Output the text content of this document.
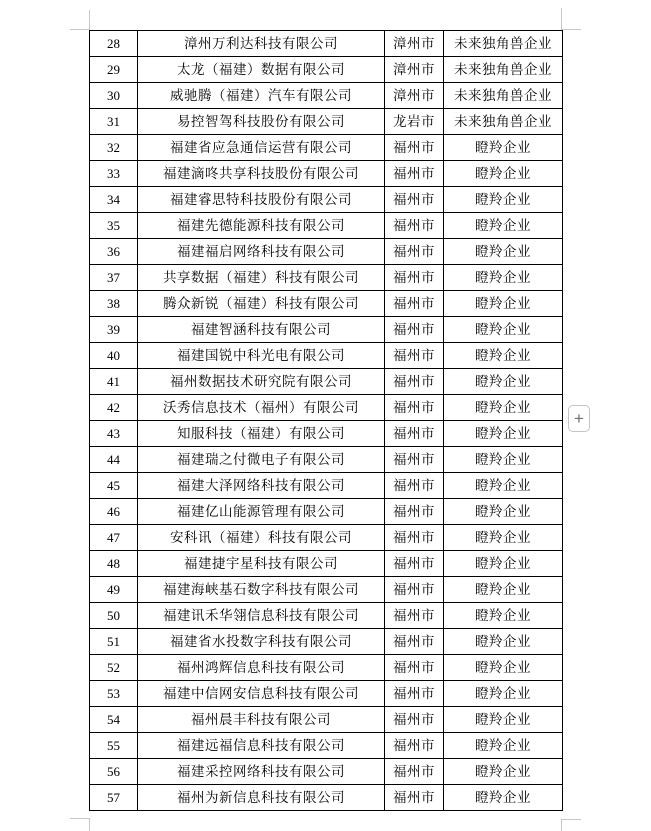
28	漳州万利达科技有限公司	漳州市	未来独角兽企业
29	太龙（福建）数据有限公司	漳州市	未来独角兽企业
30	威驰腾（福建）汽车有限公司	漳州市	未来独角兽企业
31	易控智驾科技股份有限公司	龙岩市	未来独角兽企业
32	福建省应急通信运营有限公司	福州市	瞪羚企业
33	福建滴咚共享科技股份有限公司	福州市	瞪羚企业
34	福建睿思特科技股份有限公司	福州市	瞪羚企业
35	福建先德能源科技有限公司	福州市	瞪羚企业
36	福建福启网络科技有限公司	福州市	瞪羚企业
37	共享数据（福建）科技有限公司	福州市	瞪羚企业
38	腾众新锐（福建）科技有限公司	福州市	瞪羚企业
39	福建智涵科技有限公司	福州市	瞪羚企业
40	福建国锐中科光电有限公司	福州市	瞪羚企业
41	福州数据技术研究院有限公司	福州市	瞪羚企业
42	沃秀信息技术（福州）有限公司	福州市	瞪羚企业
43	知服科技（福建）有限公司	福州市	瞪羚企业
44	福建瑞之付微电子有限公司	福州市	瞪羚企业
45	福建大泽网络科技有限公司	福州市	瞪羚企业
46	福建亿山能源管理有限公司	福州市	瞪羚企业
47	安科讯（福建）科技有限公司	福州市	瞪羚企业
48	福建捷宇星科技有限公司	福州市	瞪羚企业
49	福建海峡基石数字科技有限公司	福州市	瞪羚企业
50	福建讯禾华翎信息科技有限公司	福州市	瞪羚企业
51	福建省水投数字科技有限公司	福州市	瞪羚企业
52	福州鸿辉信息科技有限公司	福州市	瞪羚企业
53	福建中信网安信息科技有限公司	福州市	瞪羚企业
54	福州晨丰科技有限公司	福州市	瞪羚企业
55	福建远福信息科技有限公司	福州市	瞪羚企业
56	福建采控网络科技有限公司	福州市	瞪羚企业
57	福州为新信息科技有限公司	福州市	瞪羚企业
+
